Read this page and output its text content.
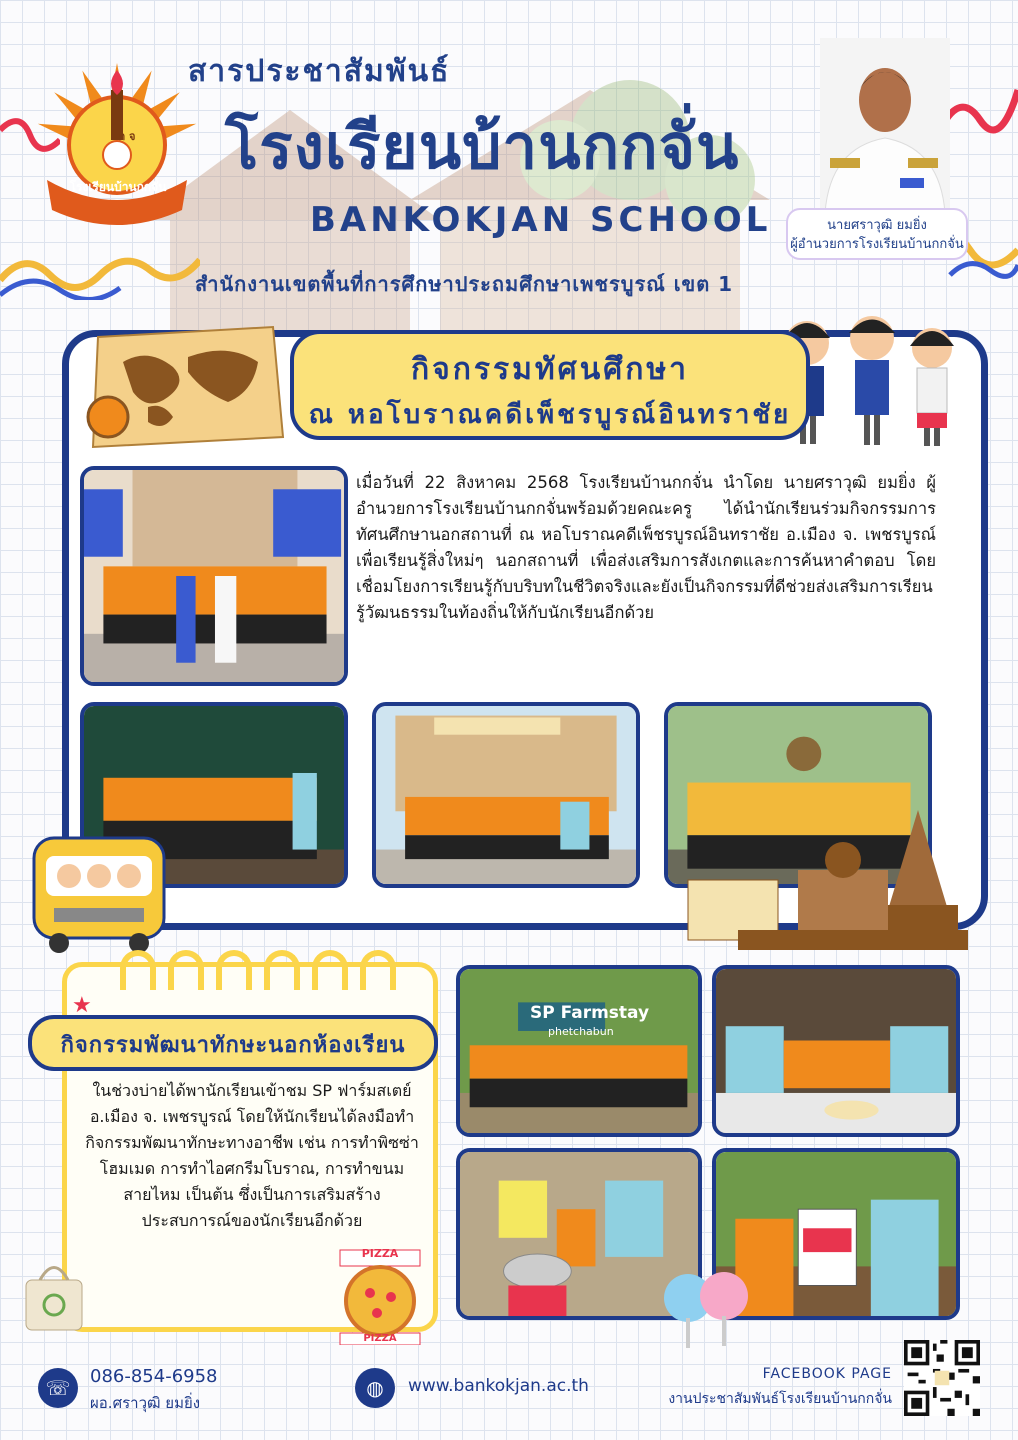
โรงเรียนบ้านกกจั่น
ก จ
สารประชาสัมพันธ์
โรงเรียนบ้านกกจั่น
BANKOKJAN SCHOOL
สำนักงานเขตพื้นที่การศึกษาประถมศึกษาเพชรบูรณ์ เขต 1
นายศราวุฒิ ยมยิ่ง
ผู้อำนวยการโรงเรียนบ้านกกจั่น
กิจกรรมทัศนศึกษา
ณ หอโบราณคดีเพ็ชรบูรณ์อินทราชัย
เมื่อวันที่ 22 สิงหาคม 2568 โรงเรียนบ้านกกจั่น นำโดย นายศราวุฒิ ยมยิ่ง ผู้อำนวยการโรงเรียนบ้านกกจั่นพร้อมด้วยคณะครู ได้นำนักเรียนร่วมกิจกรรมการทัศนศึกษานอกสถานที่ ณ หอโบราณคดีเพ็ชรบูรณ์อินทราชัย อ.เมือง จ. เพชรบูรณ์ เพื่อเรียนรู้สิ่งใหม่ๆ นอกสถานที่ เพื่อส่งเสริมการสังเกตและการค้นหาคำตอบ โดยเชื่อมโยงการเรียนรู้กับบริบทในชีวิตจริงและยังเป็นกิจกรรมที่ดีช่วยส่งเสริมการเรียนรู้วัฒนธรรมในท้องถิ่นให้กับนักเรียนอีกด้วย
★
กิจกรรมพัฒนาทักษะนอกห้องเรียน
ในช่วงบ่ายได้พานักเรียนเข้าชม SP ฟาร์มสเตย์ อ.เมือง จ. เพชรบูรณ์ โดยให้นักเรียนได้ลงมือทำกิจกรรมพัฒนาทักษะทางอาชีพ เช่น การทำพิซซ่าโฮมเมด การทำไอศกรีมโบราณ, การทำขนมสายไหม เป็นต้น ซึ่งเป็นการเสริมสร้างประสบการณ์ของนักเรียนอีกด้วย
PIZZA
PIZZA
SP Farmstay
phetchabun
☏	086-854-6958
ผอ.ศราวุฒิ ยมยิ่ง
◍	www.bankokjan.ac.th
FACEBOOK PAGE
งานประชาสัมพันธ์โรงเรียนบ้านกกจั่น
